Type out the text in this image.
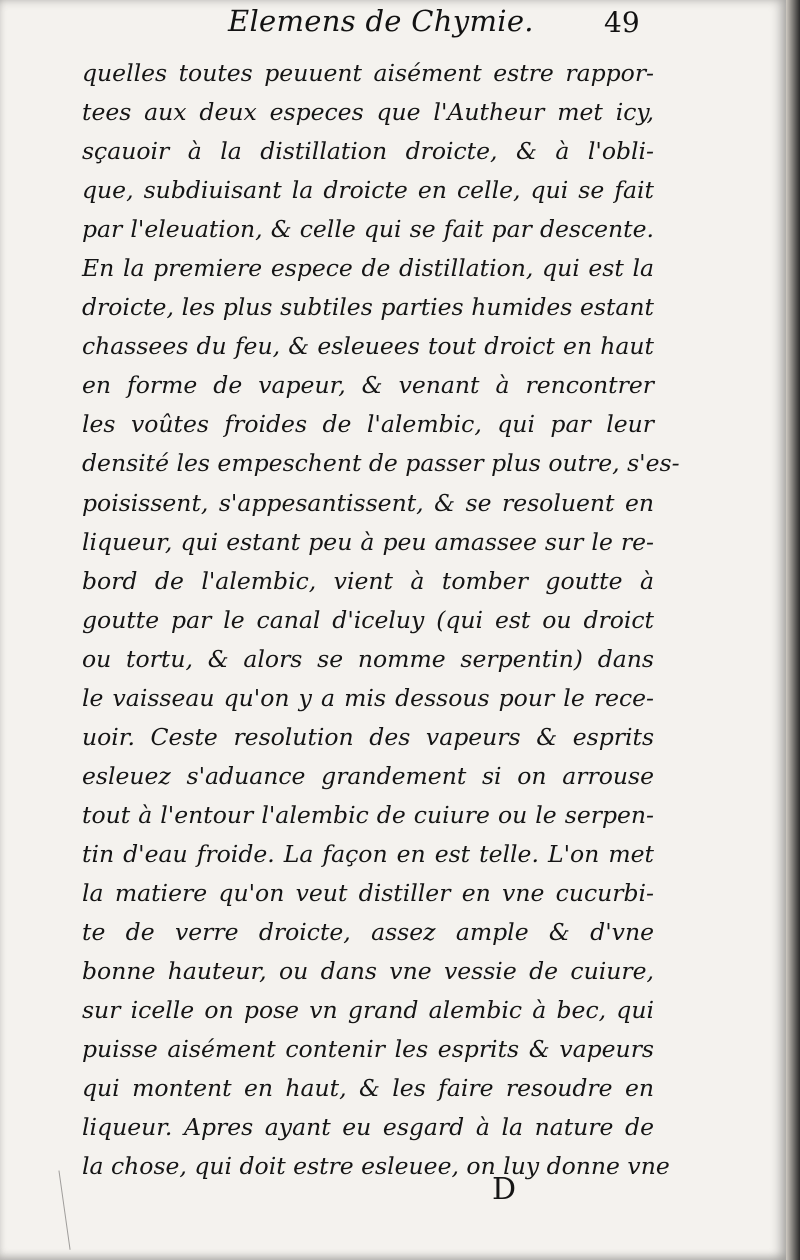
Elemens de Chymie.	49
quelles toutes peuuent aisément estre rappor-
tees aux deux especes que l'Autheur met icy,
sçauoir à la distillation droicte, & à l'obli-
que, subdiuisant la droicte en celle, qui se fait
par l'eleuation, & celle qui se fait par descente.
En la premiere espece de distillation, qui est la
droicte, les plus subtiles parties humides estant
chassees du feu, & esleuees tout droict en haut
en forme de vapeur, & venant à rencontrer
les voûtes froides de l'alembic, qui par leur
densité les empeschent de passer plus outre, s'es-
poisissent, s'appesantissent, & se resoluent en
liqueur, qui estant peu à peu amassee sur le re-
bord de l'alembic, vient à tomber goutte à
goutte par le canal d'iceluy (qui est ou droict
ou tortu, & alors se nomme serpentin) dans
le vaisseau qu'on y a mis dessous pour le rece-
uoir. Ceste resolution des vapeurs & esprits
esleuez s'aduance grandement si on arrouse
tout à l'entour l'alembic de cuiure ou le serpen-
tin d'eau froide. La façon en est telle. L'on met
la matiere qu'on veut distiller en vne cucurbi-
te de verre droicte, assez ample & d'vne
bonne hauteur, ou dans vne vessie de cuiure,
sur icelle on pose vn grand alembic à bec, qui
puisse aisément contenir les esprits & vapeurs
qui montent en haut, & les faire resoudre en
liqueur. Apres ayant eu esgard à la nature de
la chose, qui doit estre esleuee, on luy donne vne
D
